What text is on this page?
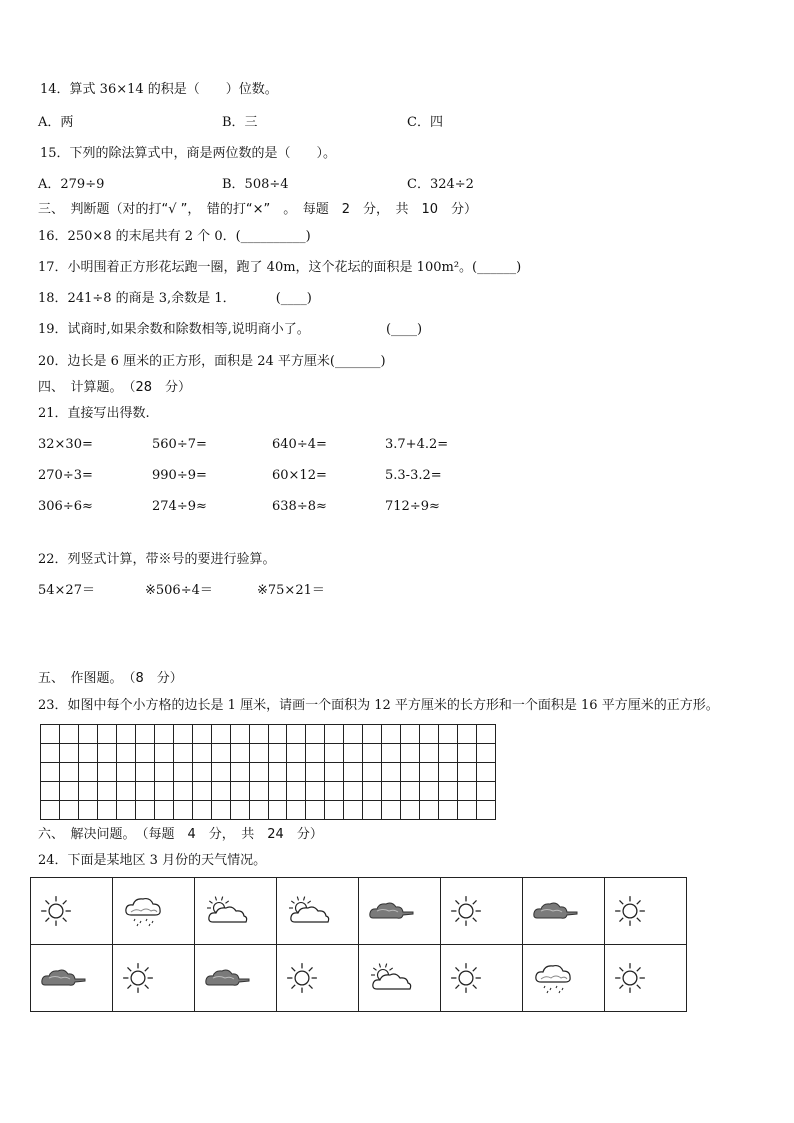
14．算式 36×14 的积是（　　）位数。
A．两	B．三	C．四
15．下列的除法算式中，商是两位数的是（　　）。
A．279÷9	B．508÷4	C．324÷2
三、　判断题（对的打“√ ”，　错的打“×”　。　每题　2　分，　共　10　分）
16．250×8 的末尾共有 2 个 0．(__________)
17．小明围着正方形花坛跑一圈，跑了 40m，这个花坛的面积是 100m²。(______)
18．241÷8 的商是 3,余数是 1．	(____)
19．试商时,如果余数和除数相等,说明商小了。	(____)
20．边长是 6 厘米的正方形，面积是 24 平方厘米(_______)
四、　计算题。　（28　分）
21．直接写出得数.
32×30=	560÷7=	640÷4=	3.7+4.2=
270÷3=	990÷9=	60×12=	5.3-3.2=
306÷6≈	274÷9≈	638÷8≈	712÷9≈
22．列竖式计算，带※号的要进行验算。
54×27＝	※506÷4＝	※75×21＝
五、　作图题。　（8　分）
23．如图中每个小方格的边长是 1 厘米，请画一个面积为 12 平方厘米的长方形和一个面积是 16 平方厘米的正方形。
六、　解决问题。　（每题　4　分，　共　24　分）
24．下面是某地区 3 月份的天气情况。
